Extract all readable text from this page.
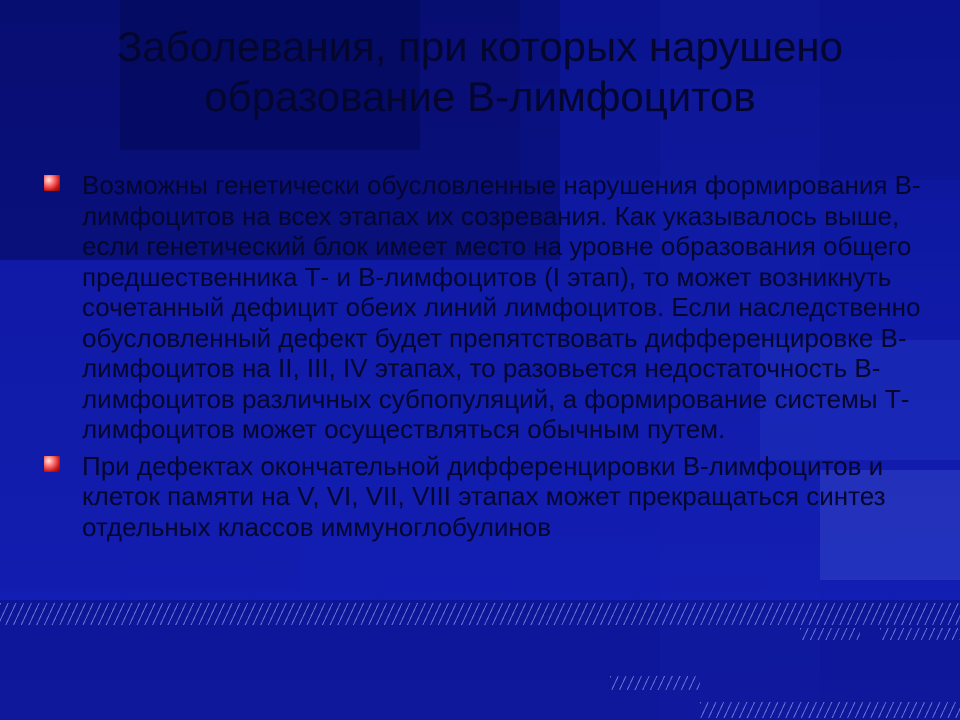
Заболевания, при которых нарушено образование В-лимфоцитов
Возможны генетически обусловленные нарушения формирования В-лимфоцитов на всех этапах их созревания. Как указывалось выше, если генетический блок имеет место на уровне образования общего предшественника Т- и В-лимфоцитов (I этап), то может возникнуть сочетанный дефицит обеих линий лимфоцитов. Если наследственно обусловленный дефект будет препятствовать дифференцировке В-лимфоцитов на II, III, IV этапах, то разовьется недостаточность В-лимфоцитов различных субпопуляций, а формирование системы Т-лимфоцитов может осуществляться обычным путем.
При дефектах окончательной дифференцировки В-лимфоцитов и клеток памяти на V, VI, VII, VIII этапах может прекращаться синтез отдельных классов иммуноглобулинов
